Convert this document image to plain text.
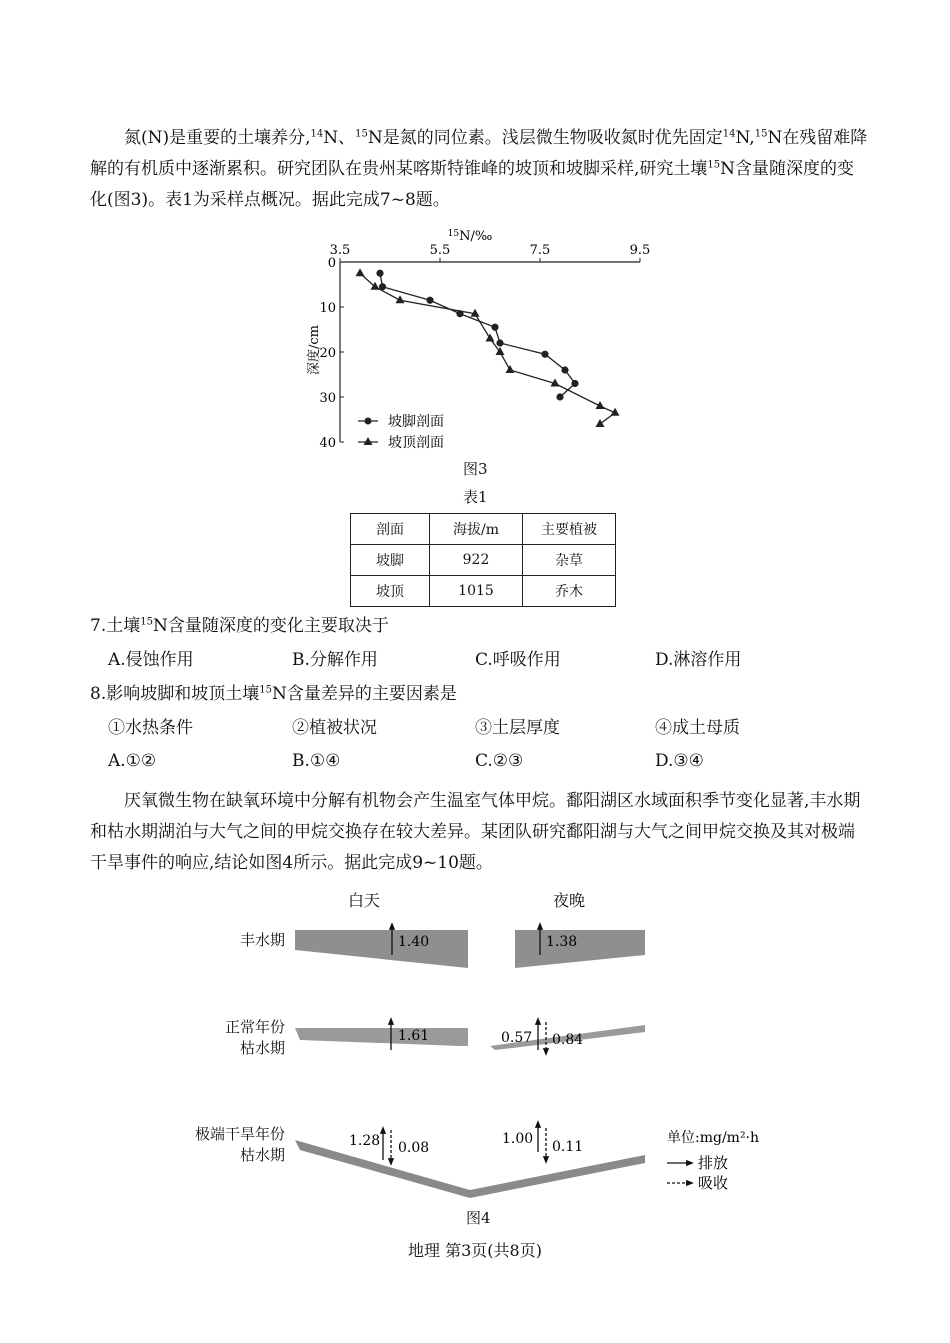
氮(N)是重要的土壤养分,$^{14}$N、$^{15}$N是氮的同位素。浅层微生物吸收氮时优先固定$^{14}$N,$^{15}$N在残留难降解的有机质中逐渐累积。研究团队在贵州某喀斯特锥峰的坡顶和坡脚采样,研究土壤$^{15}$N含量随深度的变化(图3)。表1为采样点概况。据此完成7~8题。

$^{15}$N/‰
深度/cm
3.5	5.5	7.5	9.5
0
10
20
30
40
坡脚剖面
坡顶剖面
图3
表1
剖面	海拔/m	主要植被
坡脚	922	杂草
坡顶	1015	乔木
7.土壤$^{15}$N含量随深度的变化主要取决于
A.侵蚀作用	B.分解作用	C.呼吸作用	D.淋溶作用
8.影响坡脚和坡顶土壤$^{15}$N含量差异的主要因素是
①水热条件	②植被状况	③土层厚度	④成土母质
A.①②	B.①④	C.②③	D.③④

厌氧微生物在缺氧环境中分解有机物会产生温室气体甲烷。鄱阳湖区水域面积季节变化显著,丰水期和枯水期湖泊与大气之间的甲烷交换存在较大差异。某团队研究鄱阳湖与大气之间甲烷交换及其对极端干旱事件的响应,结论如图4所示。据此完成9~10题。

白天	夜晚
丰水期
正常年份
枯水期
极端干旱年份
枯水期
1.40	1.38
1.61	0.57 0.84
1.28 0.08
1.00 0.11
单位:mg/m²·h
排放
吸收
图4
地理 第3页(共8页)
